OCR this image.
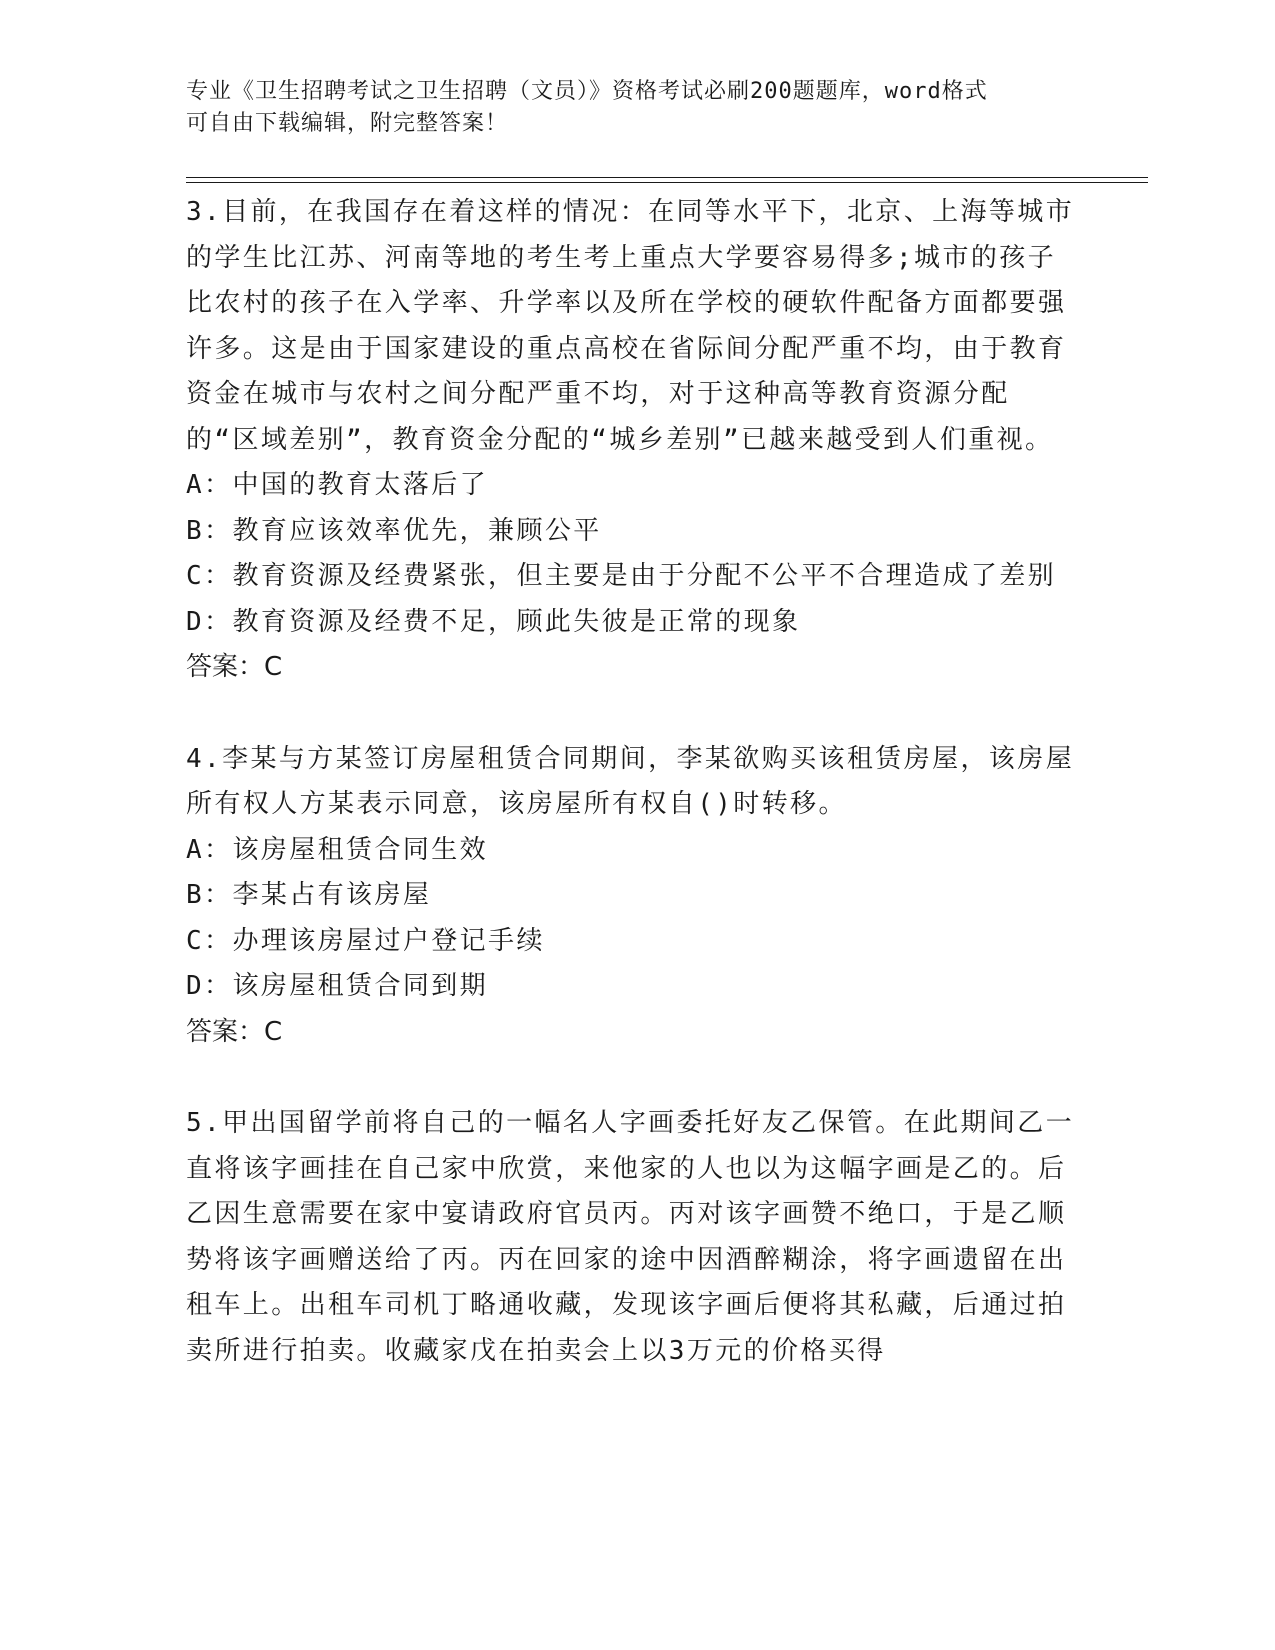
专业《卫生招聘考试之卫生招聘（文员）》资格考试必刷200题题库，word格式
可自由下载编辑，附完整答案！

3.目前，在我国存在着这样的情况：在同等水平下，北京、上海等城市的学生比江苏、河南等地的考生考上重点大学要容易得多;城市的孩子比农村的孩子在入学率、升学率以及所在学校的硬软件配备方面都要强许多。这是由于国家建设的重点高校在省际间分配严重不均，由于教育资金在城市与农村之间分配严重不均，对于这种高等教育资源分配的“区域差别”，教育资金分配的“城乡差别”已越来越受到人们重视。

A：中国的教育太落后了

B：教育应该效率优先，兼顾公平

C：教育资源及经费紧张，但主要是由于分配不公平不合理造成了差别

D：教育资源及经费不足，顾此失彼是正常的现象

答案：C

4.李某与方某签订房屋租赁合同期间，李某欲购买该租赁房屋，该房屋所有权人方某表示同意，该房屋所有权自()时转移。

A：该房屋租赁合同生效

B：李某占有该房屋

C：办理该房屋过户登记手续

D：该房屋租赁合同到期

答案：C

5.甲出国留学前将自己的一幅名人字画委托好友乙保管。在此期间乙一直将该字画挂在自己家中欣赏，来他家的人也以为这幅字画是乙的。后乙因生意需要在家中宴请政府官员丙。丙对该字画赞不绝口，于是乙顺势将该字画赠送给了丙。丙在回家的途中因酒醉糊涂，将字画遗留在出租车上。出租车司机丁略通收藏，发现该字画后便将其私藏，后通过拍卖所进行拍卖。收藏家戊在拍卖会上以3万元的价格买得
